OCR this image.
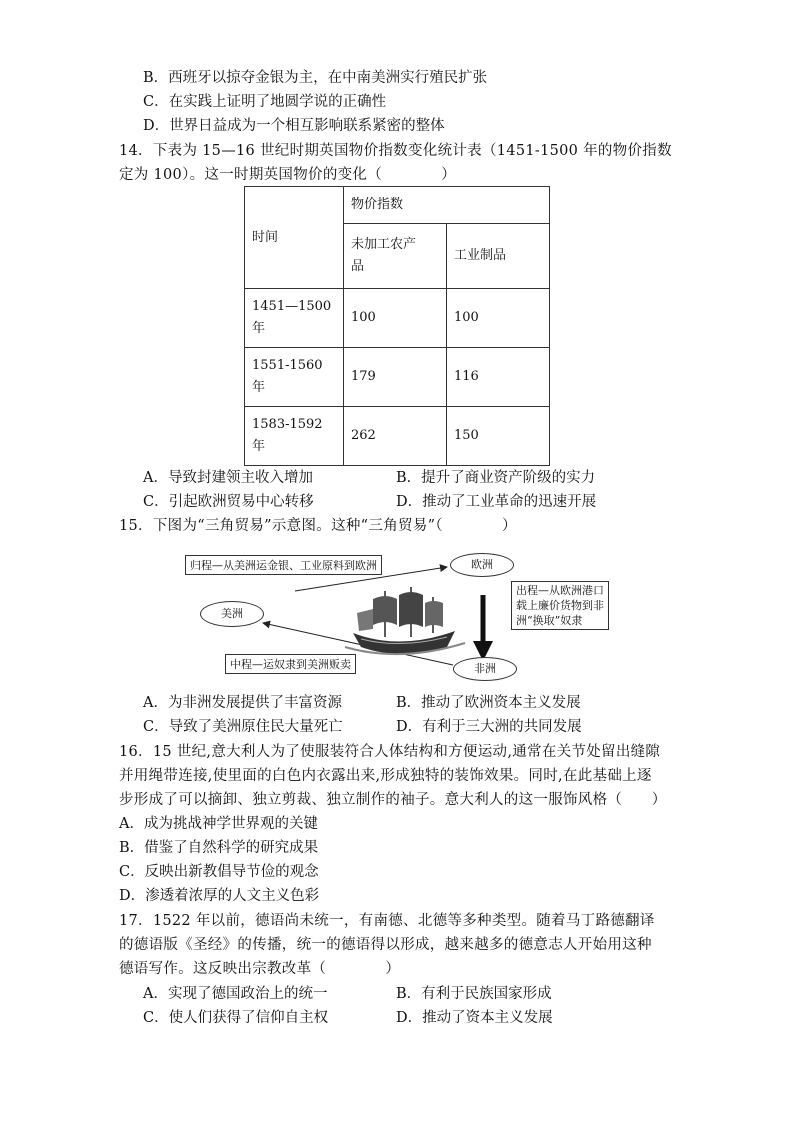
B．西班牙以掠夺金银为主，在中南美洲实行殖民扩张
C．在实践上证明了地圆学说的正确性
D．世界日益成为一个相互影响联系紧密的整体
14．下表为 15—16 世纪时期英国物价指数变化统计表（1451-1500 年的物价指数
定为 100）。这一时期英国物价的变化（　　　　）
时间	物价指数	
	未加工农产
品	工业制品
1451—1500
年	100	100
1551-1560
年	179	116
1583-1592
年	262	150
A．导致封建领主收入增加	B．提升了商业资产阶级的实力
C．引起欧洲贸易中心转移	D．推动了工业革命的迅速开展
15．下图为“三角贸易”示意图。这种“三角贸易”（　　　　）
归程—从美洲运金银、工业原料到欧洲	欧洲
美洲
非洲
出程—从欧洲港口
载上廉价货物到非
洲“换取”奴隶
中程—运奴隶到美洲贩卖
A．为非洲发展提供了丰富资源	B．推动了欧洲资本主义发展
C．导致了美洲原住民大量死亡	D．有利于三大洲的共同发展
16．15 世纪,意大利人为了使服装符合人体结构和方便运动,通常在关节处留出缝隙
并用绳带连接,使里面的白色内衣露出来,形成独特的装饰效果。同时,在此基础上逐
步形成了可以摘卸、独立剪裁、独立制作的袖子。意大利人的这一服饰风格（　　）
A．成为挑战神学世界观的关键
B．借鉴了自然科学的研究成果
C．反映出新教倡导节俭的观念
D．渗透着浓厚的人文主义色彩
17．1522 年以前，德语尚未统一，有南德、北德等多种类型。随着马丁路德翻译
的德语版《圣经》的传播，统一的德语得以形成，越来越多的德意志人开始用这种
德语写作。这反映出宗教改革（　　　　）
A．实现了德国政治上的统一	B．有利于民族国家形成
C．使人们获得了信仰自主权	D．推动了资本主义发展
